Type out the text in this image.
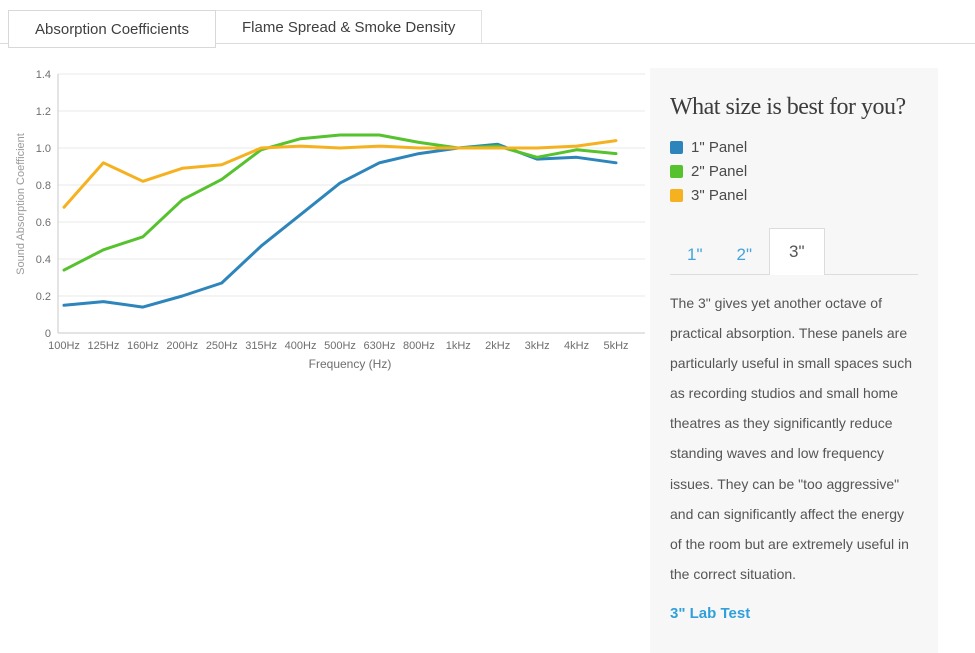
Absorption Coefficients	Flame Spread & Smoke Density
0
0.2
0.4
0.6
0.8
1.0
1.2
1.4
100Hz 125Hz 160Hz 200Hz 250Hz 315Hz 400Hz 500Hz 630Hz 800Hz 1kHz 2kHz 3kHz 4kHz 5kHz
Sound Absorption Coefficient
Frequency (Hz)
What size is best for you?
1" Panel
2" Panel
3" Panel
1"	2"	3"

The 3" gives yet another octave of practical absorption. These panels are particularly useful in small spaces such as recording studios and small home theatres as they significantly reduce standing waves and low frequency issues. They can be "too aggressive" and can significantly affect the energy of the room but are extremely useful in the correct situation.

3" Lab Test
